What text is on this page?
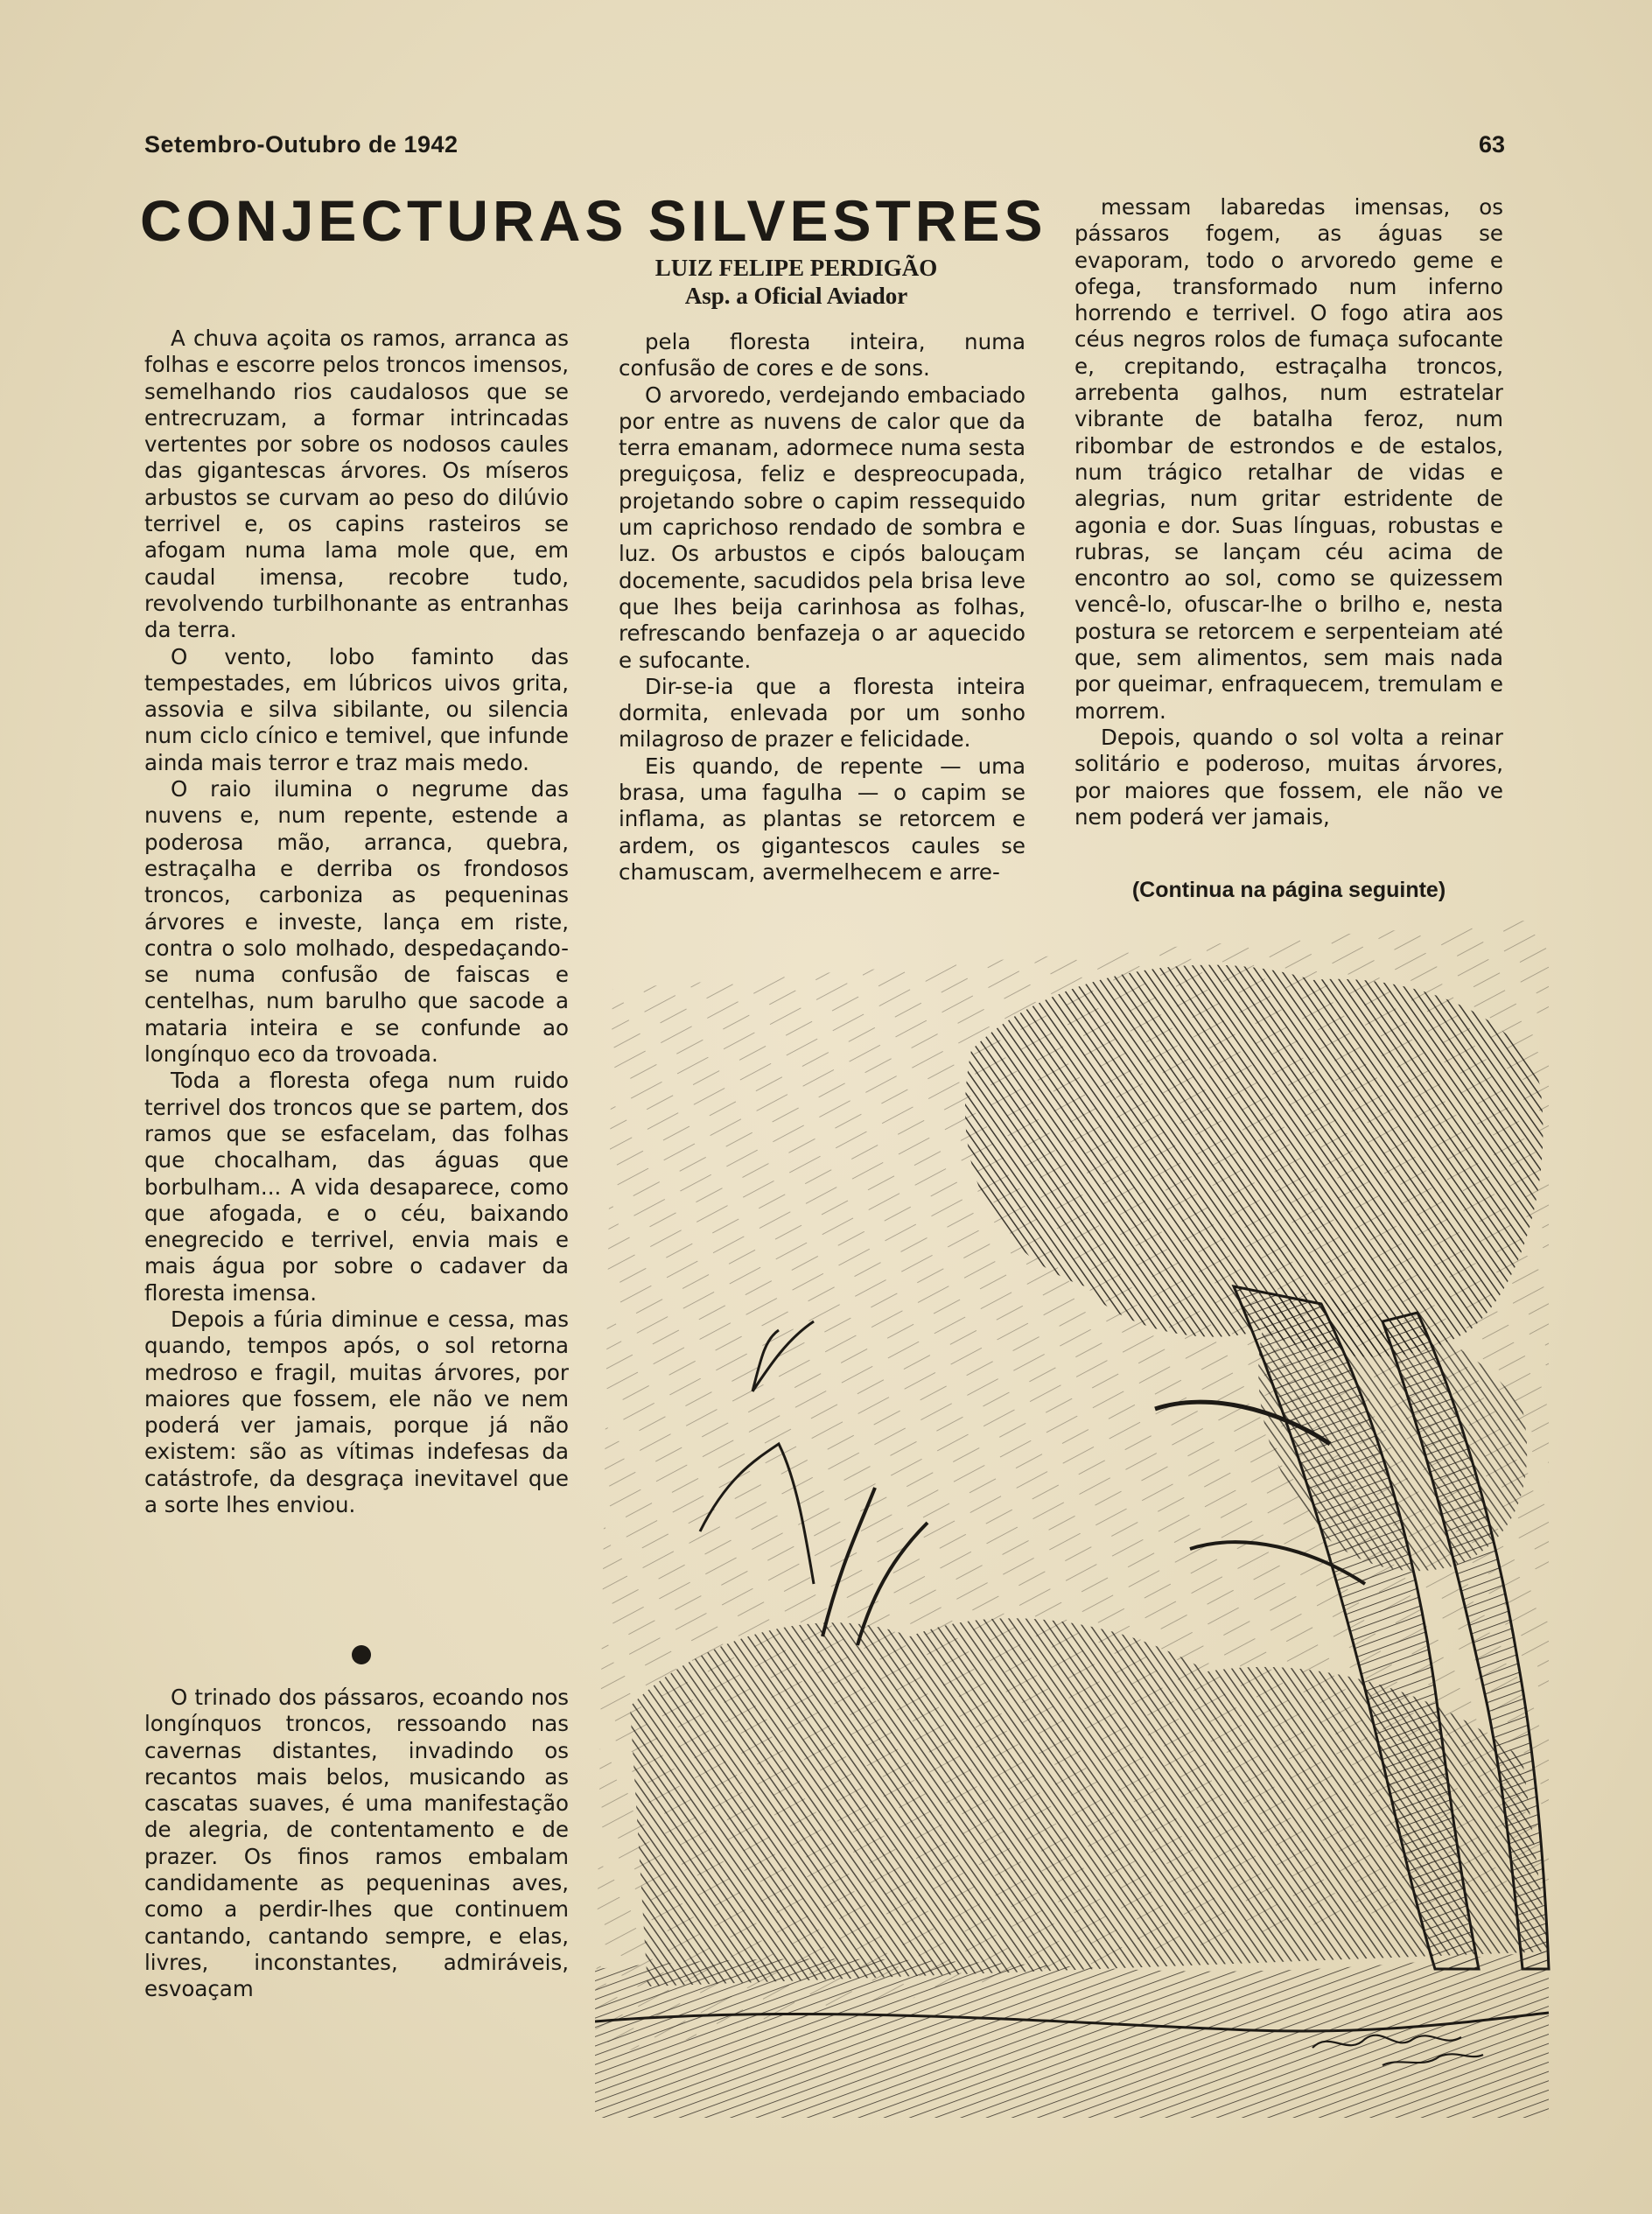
Setembro-Outubro de 1942	63
CONJECTURAS SILVESTRES
LUIZ FELIPE PERDIGÃO
Asp. a Oficial Aviador

A chuva açoita os ramos, arranca as folhas e escorre pelos troncos imensos, semelhando rios caudalosos que se entrecruzam, a formar intrincadas vertentes por sobre os nodosos caules das gigantescas árvores. Os míseros arbustos se curvam ao peso do dilúvio terrivel e, os capins rasteiros se afogam numa lama mole que, em caudal imensa, recobre tudo, revolvendo turbilhonante as entranhas da terra.

O vento, lobo faminto das tempestades, em lúbricos uivos grita, assovia e silva sibilante, ou silencia num ciclo cínico e temivel, que infunde ainda mais terror e traz mais medo.

O raio ilumina o negrume das nuvens e, num repente, estende a poderosa mão, arranca, quebra, estraçalha e derriba os frondosos troncos, carboniza as pequeninas árvores e investe, lança em riste, contra o solo molhado, despedaçando-se numa confusão de faiscas e centelhas, num barulho que sacode a mataria inteira e se confunde ao longínquo eco da trovoada.

Toda a floresta ofega num ruido terrivel dos troncos que se partem, dos ramos que se esfacelam, das folhas que chocalham, das águas que borbulham... A vida desaparece, como que afogada, e o céu, baixando enegrecido e terrivel, envia mais e mais água por sobre o cadaver da floresta imensa.

Depois a fúria diminue e cessa, mas quando, tempos após, o sol retorna medroso e fragil, muitas árvores, por maiores que fossem, ele não ve nem poderá ver jamais, porque já não existem: são as vítimas indefesas da catástrofe, da desgraça inevitavel que a sorte lhes enviou.

O trinado dos pássaros, ecoando nos longínquos troncos, ressoando nas cavernas distantes, invadindo os recantos mais belos, musicando as cascatas suaves, é uma manifestação de alegria, de contentamento e de prazer. Os finos ramos embalam candidamente as pequeninas aves, como a perdir-lhes que continuem cantando, cantando sempre, e elas, livres, inconstantes, admiráveis, esvoaçam

pela floresta inteira, numa confusão de cores e de sons.

O arvoredo, verdejando embaciado por entre as nuvens de calor que da terra emanam, adormece numa sesta preguiçosa, feliz e despreocupada, projetando sobre o capim ressequido um caprichoso rendado de sombra e luz. Os arbustos e cipós balouçam docemente, sacudidos pela brisa leve que lhes beija carinhosa as folhas, refrescando benfazeja o ar aquecido e sufocante.

Dir-se-ia que a floresta inteira dormita, enlevada por um sonho milagroso de prazer e felicidade.

Eis quando, de repente — uma brasa, uma fagulha — o capim se inflama, as plantas se retorcem e ardem, os gigantescos caules se chamuscam, avermelhecem e arre-

messam labaredas imensas, os pássaros fogem, as águas se evaporam, todo o arvoredo geme e ofega, transformado num inferno horrendo e terrivel. O fogo atira aos céus negros rolos de fumaça sufocante e, crepitando, estraçalha troncos, arrebenta galhos, num estratelar vibrante de batalha feroz, num ribombar de estrondos e de estalos, num trágico retalhar de vidas e alegrias, num gritar estridente de agonia e dor. Suas línguas, robustas e rubras, se lançam céu acima de encontro ao sol, como se quizessem vencê-lo, ofuscar-lhe o brilho e, nesta postura se retorcem e serpenteiam até que, sem alimentos, sem mais nada por queimar, enfraquecem, tremulam e morrem.

Depois, quando o sol volta a reinar solitário e poderoso, muitas árvores, por maiores que fossem, ele não ve nem poderá ver jamais,

(Continua na página seguinte)
